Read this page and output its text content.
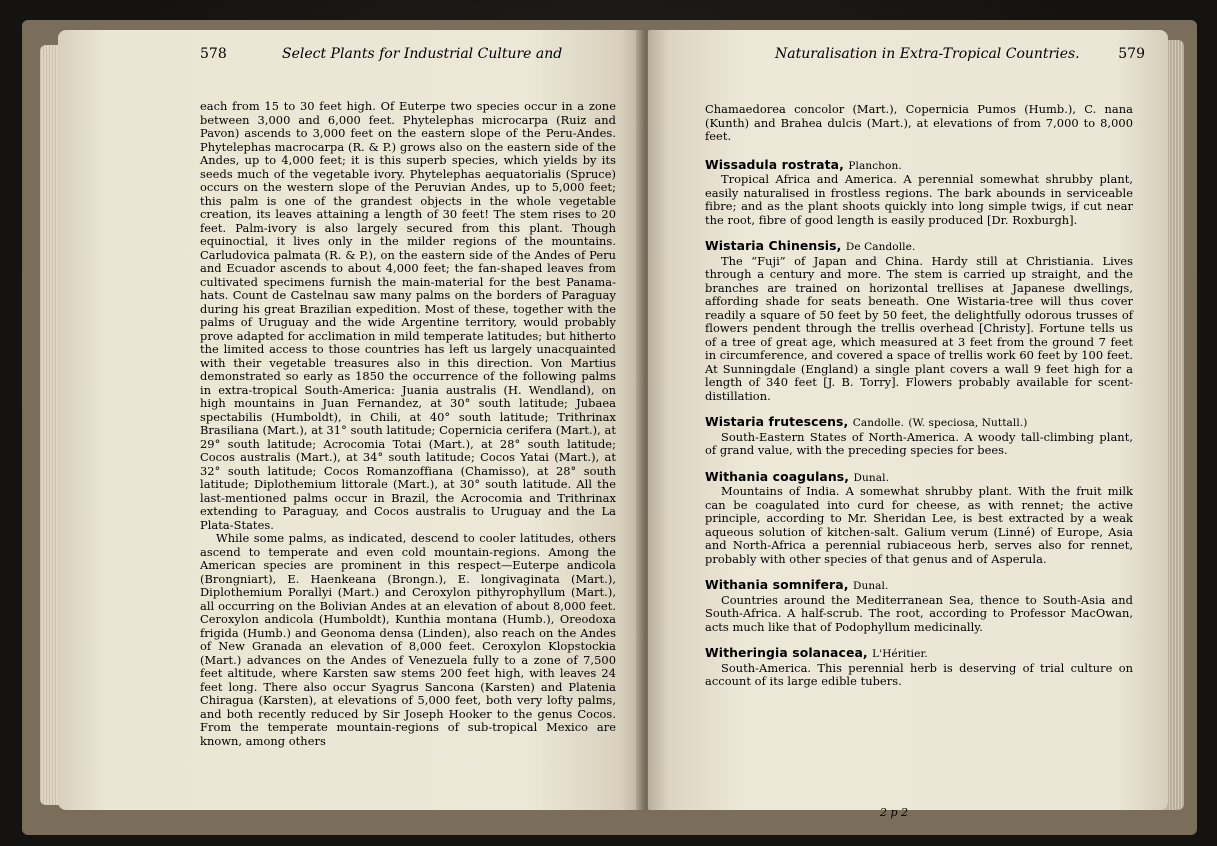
578	Select Plants for Industrial Culture and

each from 15 to 30 feet high. Of Euterpe two species occur in a zone between 3,000 and 6,000 feet. Phytelephas microcarpa (Ruiz and Pavon) ascends to 3,000 feet on the eastern slope of the Peru-Andes. Phytelephas macrocarpa (R. & P.) grows also on the eastern side of the Andes, up to 4,000 feet; it is this superb species, which yields by its seeds much of the vegetable ivory. Phytelephas aequatorialis (Spruce) occurs on the western slope of the Peruvian Andes, up to 5,000 feet; this palm is one of the grandest objects in the whole vegetable creation, its leaves attaining a length of 30 feet! The stem rises to 20 feet. Palm-ivory is also largely secured from this plant. Though equinoctial, it lives only in the milder regions of the mountains. Carludovica palmata (R. & P.), on the eastern side of the Andes of Peru and Ecuador ascends to about 4,000 feet; the fan-shaped leaves from cultivated specimens furnish the main-material for the best Panama-hats. Count de Castelnau saw many palms on the borders of Paraguay during his great Brazilian expedition. Most of these, together with the palms of Uruguay and the wide Argentine territory, would probably prove adapted for acclimation in mild temperate latitudes; but hitherto the limited access to those countries has left us largely unacquainted with their vegetable treasures also in this direction. Von Martius demonstrated so early as 1850 the occurrence of the following palms in extra-tropical South-America: Juania australis (H. Wendland), on high mountains in Juan Fernandez, at 30° south latitude; Jubaea spectabilis (Humboldt), in Chili, at 40° south latitude; Trithrinax Brasiliana (Mart.), at 31° south latitude; Copernicia cerifera (Mart.), at 29° south latitude; Acrocomia Totai (Mart.), at 28° south latitude; Cocos australis (Mart.), at 34° south latitude; Cocos Yatai (Mart.), at 32° south latitude; Cocos Romanzoffiana (Chamisso), at 28° south latitude; Diplothemium littorale (Mart.), at 30° south latitude. All the last-mentioned palms occur in Brazil, the Acrocomia and Trithrinax extending to Paraguay, and Cocos australis to Uruguay and the La Plata-States.

While some palms, as indicated, descend to cooler latitudes, others ascend to temperate and even cold mountain-regions. Among the American species are prominent in this respect—Euterpe andicola (Brongniart), E. Haenkeana (Brongn.), E. longivaginata (Mart.), Diplothemium Porallyi (Mart.) and Ceroxylon pithyrophyllum (Mart.), all occurring on the Bolivian Andes at an elevation of about 8,000 feet. Ceroxylon andicola (Humboldt), Kunthia montana (Humb.), Oreodoxa frigida (Humb.) and Geonoma densa (Linden), also reach on the Andes of New Granada an elevation of 8,000 feet. Ceroxylon Klopstockia (Mart.) advances on the Andes of Venezuela fully to a zone of 7,500 feet altitude, where Karsten saw stems 200 feet high, with leaves 24 feet long. There also occur Syagrus Sancona (Karsten) and Platenia Chiragua (Karsten), at elevations of 5,000 feet, both very lofty palms, and both recently reduced by Sir Joseph Hooker to the genus Cocos. From the temperate mountain-regions of sub-tropical Mexico are known, among others

Naturalisation in Extra-Tropical Countries.	579

Chamaedorea concolor (Mart.), Copernicia Pumos (Humb.), C. nana (Kunth) and Brahea dulcis (Mart.), at elevations of from 7,000 to 8,000 feet.

Wissadula rostrata, Planchon.

Tropical Africa and America. A perennial somewhat shrubby plant, easily naturalised in frostless regions. The bark abounds in serviceable fibre; and as the plant shoots quickly into long simple twigs, if cut near the root, fibre of good length is easily produced [Dr. Roxburgh].

Wistaria Chinensis, De Candolle.

The “Fuji” of Japan and China. Hardy still at Christiania. Lives through a century and more. The stem is carried up straight, and the branches are trained on horizontal trellises at Japanese dwellings, affording shade for seats beneath. One Wistaria-tree will thus cover readily a square of 50 feet by 50 feet, the delightfully odorous trusses of flowers pendent through the trellis overhead [Christy]. Fortune tells us of a tree of great age, which measured at 3 feet from the ground 7 feet in circumference, and covered a space of trellis work 60 feet by 100 feet. At Sunningdale (England) a single plant covers a wall 9 feet high for a length of 340 feet [J. B. Torry]. Flowers probably available for scent-distillation.

Wistaria frutescens, Candolle. (W. speciosa, Nuttall.)

South-Eastern States of North-America. A woody tall-climbing plant, of grand value, with the preceding species for bees.

Withania coagulans, Dunal.

Mountains of India. A somewhat shrubby plant. With the fruit milk can be coagulated into curd for cheese, as with rennet; the active principle, according to Mr. Sheridan Lee, is best extracted by a weak aqueous solution of kitchen-salt. Galium verum (Linné) of Europe, Asia and North-Africa a perennial rubiaceous herb, serves also for rennet, probably with other species of that genus and of Asperula.

Withania somnifera, Dunal.

Countries around the Mediterranean Sea, thence to South-Asia and South-Africa. A half-scrub. The root, according to Professor MacOwan, acts much like that of Podophyllum medicinally.

Witheringia solanacea, L'Héritier.

South-America. This perennial herb is deserving of trial culture on account of its large edible tubers.

2 p 2
